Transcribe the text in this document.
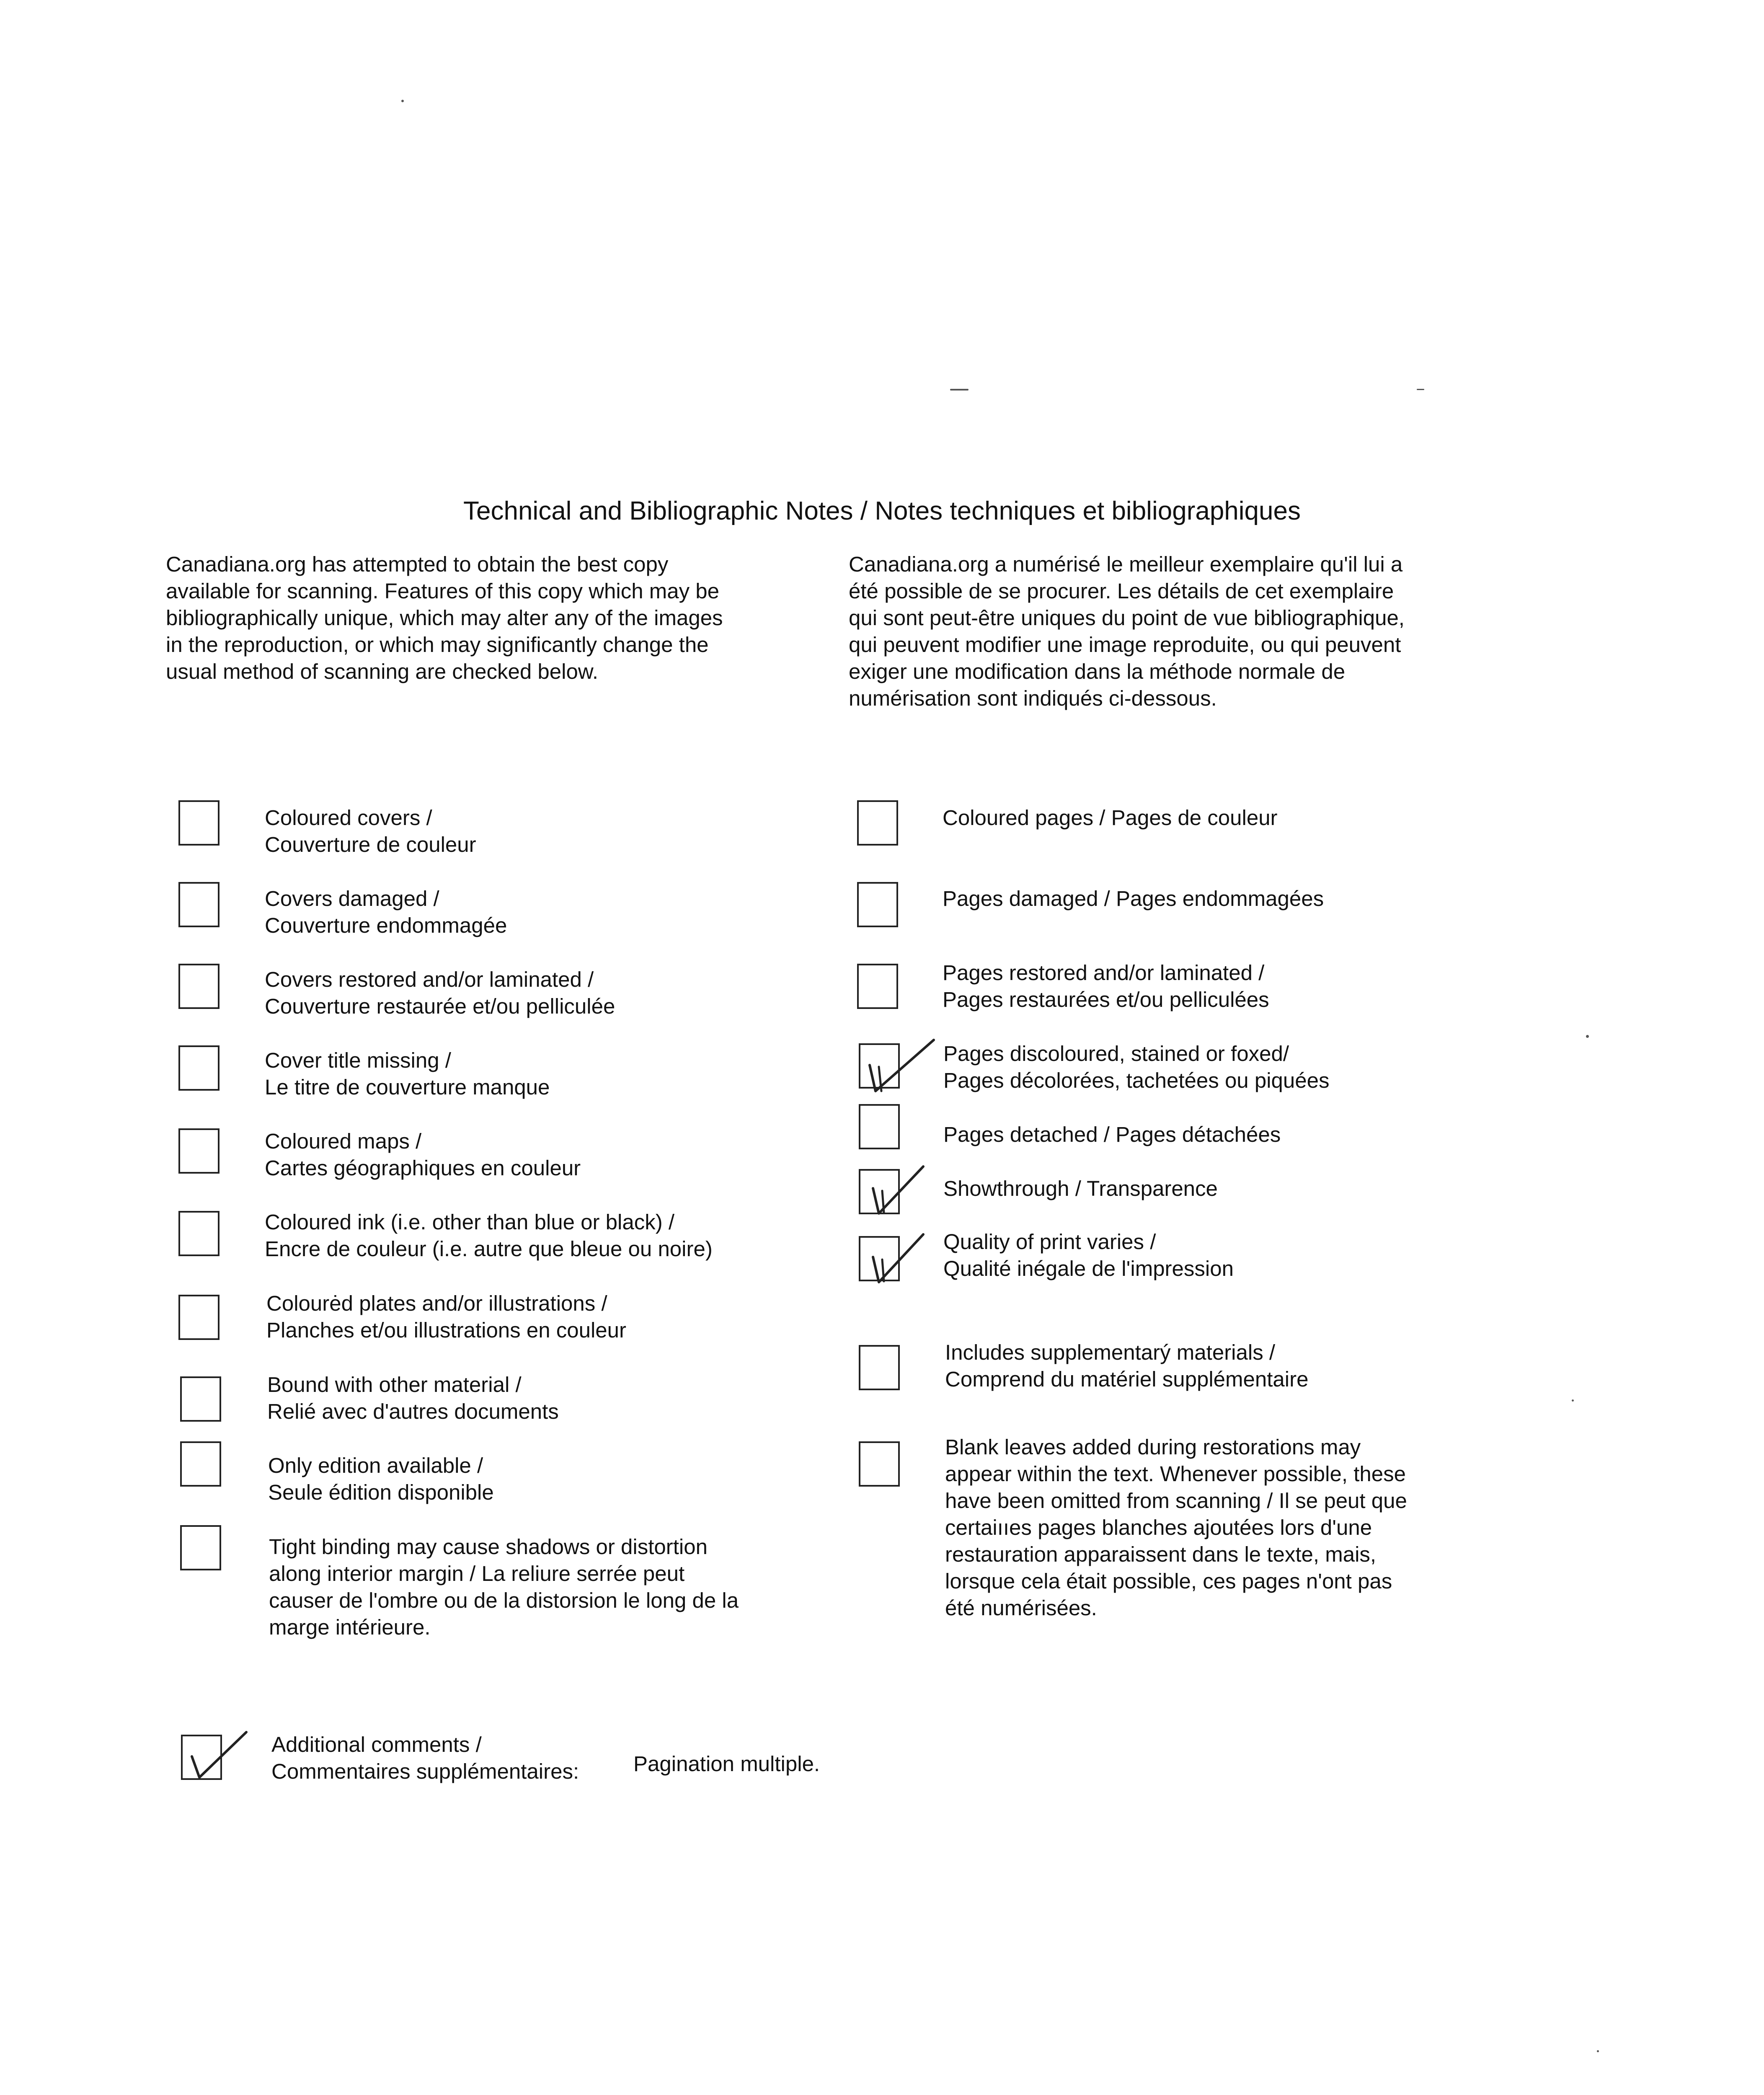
Technical and Bibliographic Notes / Notes techniques et bibliographiques
Canadiana.org has attempted to obtain the best copy
available for scanning. Features of this copy which may be
bibliographically unique, which may alter any of the images
in the reproduction, or which may significantly change the
usual method of scanning are checked below.
Canadiana.org a numérisé le meilleur exemplaire qu'il lui a
été possible de se procurer. Les détails de cet exemplaire
qui sont peut-être uniques du point de vue bibliographique,
qui peuvent modifier une image reproduite, ou qui peuvent
exiger une modification dans la méthode normale de
numérisation sont indiqués ci-dessous.
Coloured covers /
Couverture de couleur
Covers damaged /
Couverture endommagée
Covers restored and/or laminated /
Couverture restaurée et/ou pelliculée
Cover title missing /
Le titre de couverture manque
Coloured maps /
Cartes géographiques en couleur
Coloured ink (i.e. other than blue or black) /
Encre de couleur (i.e. autre que bleue ou noire)
Colourėd plates and/or illustrations /
Planches et/ou illustrations en couleur
Bound with other material /
Relié avec d'autres documents
Only edition available /
Seule édition disponible
Tight binding may cause shadows or distortion
along interior margin / La reliure serrée peut
causer de l'ombre ou de la distorsion le long de la
marge intérieure.
Coloured pages / Pages de couleur
Pages damaged / Pages endommagées
Pages restored and/or laminated /
Pages restaurées et/ou pelliculées
Pages discoloured, stained or foxed/
Pages décolorées, tachetées ou piquées
Pages detached / Pages détachées
Showthrough / Transparence
Quality of print varies /
Qualité inégale de l'impression
Includes supplementarý materials /
Comprend du matériel supplémentaire
Blank leaves added during restorations may
appear within the text. Whenever possible, these
have been omitted from scanning / Il se peut que
certaiııes pages blanches ajoutées lors d'une
restauration apparaissent dans le texte, mais,
lorsque cela était possible, ces pages n'ont pas
été numérisées.
Additional comments /
Commentaires supplémentaires:	Pagination multiple.
